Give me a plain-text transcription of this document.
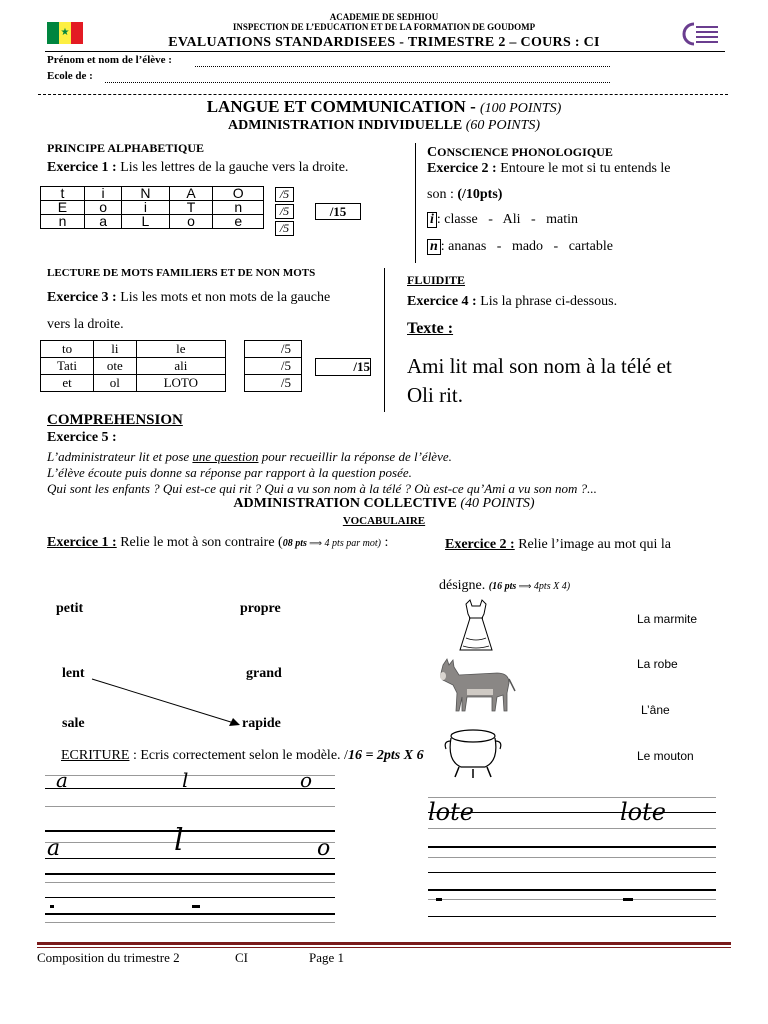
★
ACADEMIE DE SEDHIOU
INSPECTION DE L’EDUCATION ET DE LA FORMATION DE GOUDOMP
EVALUATIONS STANDARDISEES - TRIMESTRE 2 – COURS : CI
Prénom et nom de l’élève :
Ecole de :
LANGUE ET COMMUNICATION - (100 POINTS)
ADMINISTRATION INDIVIDUELLE (60 POINTS)
PRINCIPE ALPHABETIQUE
Exercice 1 : Lis les lettres de la gauche vers la droite.
t	i	N	A	O
E	o	i	T	n
n	a	L	o	e
/5
/5
/5
/15
CONSCIENCE PHONOLOGIQUE
Exercice 2 : Entoure le mot si tu entends le
son : (/10pts)
i : classe   -   Ali   -   matin
n : ananas   -   mado   -   cartable
LECTURE DE MOTS FAMILIERS ET DE NON MOTS
Exercice 3 : Lis les mots et non mots de la gauche
vers la droite.
to	li	le
Tati	ote	ali
et	ol	LOTO
/5
/5
/5
/15
FLUIDITE
Exercice 4 : Lis la phrase ci-dessous.
Texte :
Ami lit mal son nom à la télé et
Oli rit.
COMPREHENSION
Exercice 5 :
L’administrateur lit et pose une question pour recueillir la réponse de l’élève.
L’élève écoute puis donne sa réponse par rapport à la question posée.
Qui sont les enfants ? Qui est-ce qui rit ? Qui a vu son nom à la télé ? Où est-ce qu’Ami a vu son nom ?...
ADMINISTRATION COLLECTIVE (40 POINTS)
VOCABULAIRE
Exercice 1 : Relie le mot à son contraire (08 pts ⟹ 4 pts par mot) :
petit
lent
sale
propre
grand
rapide
Exercice 2 : Relie l’image au mot qui la
désigne. (16 pts ⟹ 4pts X 4)
La marmite
La robe
L’âne
Le mouton
ECRITURE : Ecris correctement selon le modèle. /16 = 2pts X 6
a	l	o
a	l	o
lote	lote
Composition du trimestre 2	CI	Page 1
